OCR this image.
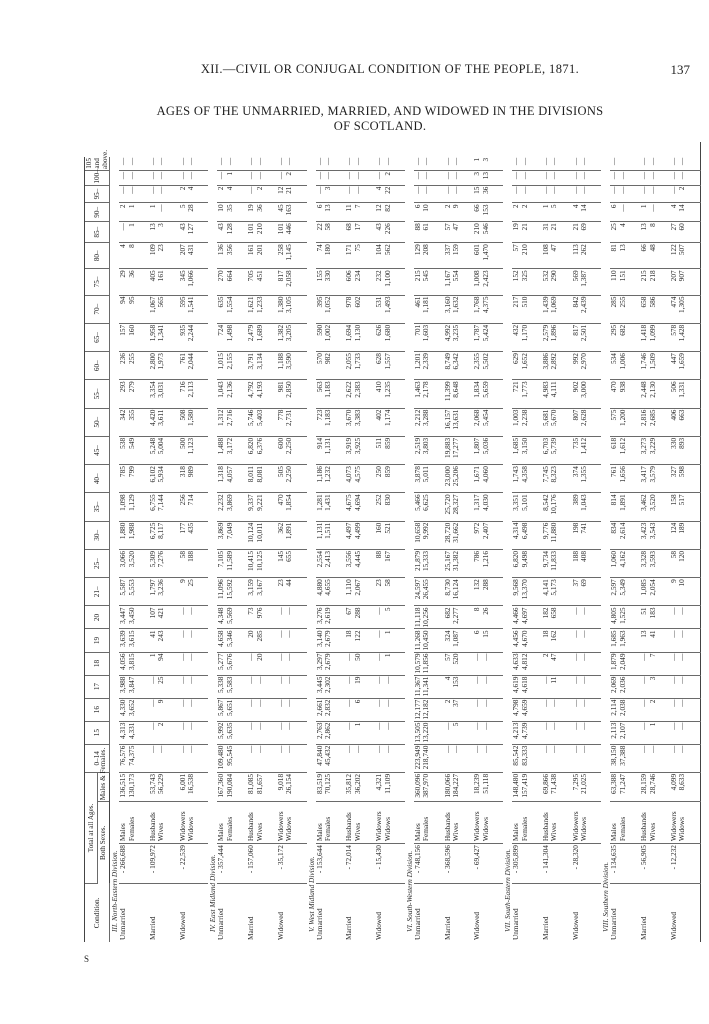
XII.—CIVIL OR CONJUGAL CONDITION OF THE PEOPLE, 1871.	137
AGES OF THE UNMARRIED, MARRIED, AND WIDOWED IN THE DIVISIONS
OF SCOTLAND.
Condition.	Total at all Ages.			0–14	15	16	17	18	19	20	21–	25–	30–	35–	40–	45–	50–	55–	60–	65–	70–	75–	80–	85–	90–	95–	100–	105 and above.
	Both Sexes.		Males & Females.																									
III. North-Eastern Division.																												
Unmarried	- 266,688	Males Females	136,515 130,173	76,576 74,375	4,313 4,331	4,330 3,652	3,988 3,847	4,056 3,815	3,639 3,615	3,447 3,450	5,587 5,553	3,066 3,520	1,880 1,988	1,098 1,129	785 799	538 549	342 355	293 279	236 255	157 160	94 95	29 36	4 8	— 1	2 1	— —	— —	— —

Married	- 109,972	Husbands Wives	53,743 56,229	— —	— 2	— 9	— 25	1 94	41 243	107 421	1,797 3,236	5,309 7,276	6,725 8,117	6,755 7,144	6,102 5,934	5,248 5,004	4,420 3,611	3,354 3,031	2,800 1,973	1,958 1,341	1,067 565	405 161	109 23	13 3	1 —	— —	— —	— —

Widowed	- 22,539	Widowers Widows	6,001 16,538	— —	— —	— —	— —	— —	— —	— —	9 25	58 188	177 435	256 714	318 989	500 1,123	508 1,580	716 2,113	761 2,044	935 2,244	595 1,541	345 1,066	207 431	43 127	5 28	2 4	— —	— —

IV. East Midland Division.																												
Unmarried	- 357,444	Males Females	167,360 190,084	109,480 95,545	5,992 5,635	5,867 5,651	5,338 5,583	5,277 5,676	4,658 5,346	4,348 5,569	11,096 15,592	7,105 11,589	3,869 7,049	2,232 3,869	1,318 4,057	1,488 3,172	1,312 2,716	1,043 2,136	1,015 2,155	724 1,498	635 1,554	270 664	136 356	43 128	10 35	2 4	— 1	— —

Married	- 157,060	Husbands Wives	81,085 81,657	— —	— —	— —	— —	— 20	20 285	73 976	3,159 3,167	10,415 10,125	10,124 10,011	9,337 9,221	8,011 8,081	6,820 6,376	5,746 5,403	4,792 4,193	3,791 3,134	2,479 1,689	1,621 1,233	705 451	161 201	101 210	19 36	— 2	— —	— —

Widowed	- 35,172	Widowers Widows	9,018 26,154	— —	— —	— —	— —	— —	— —	— —	23 44	145 655	362 1,891	470 1,854	505 2,250	600 2,250	778 2,731	981 2,850	1,188 3,590	1,382 3,205	1,380 3,105	817 2,058	258 1,145	101 446	45 163	12 21	— 2	— —

V. West Midland Division.																												
Unmarried	- 153,644	Males Females	83,519 70,125	47,840 45,432	2,763 2,862	2,661 2,832	3,445 2,302	3,297 2,679	3,140 2,679	3,276 2,619	4,880 4,655	2,554 2,413	1,131 1,511	1,281 1,431	1,186 1,232	914 1,131	723 1,183	563 1,183	570 982	590 1,002	395 1,052	155 330	74 180	22 58	6 13	— 3	— —	— —

Married	- 72,014	Husbands Wives	35,812 36,202	— —	— 1	— 6	— 19	— 50	18 122	67 288	1,110 2,067	3,556 4,445	4,497 4,499	4,675 4,694	4,073 4,575	3,919 3,925	3,670 3,383	2,622 2,383	2,055 1,733	1,694 1,130	978 602	606 234	171 75	68 17	11 7	— —	— —	— —

Widowed	- 15,430	Widowers Widows	4,321 11,109	— —	— —	— —	— —	— 1	— 1	— 5	23 58	88 167	160 521	252 830	250 859	511 859	402 1,174	410 1,235	628 1,557	626 1,680	531 1,493	232 1,100	104 562	43 226	12 82	4 22	— 2	— —

VI. South-Western Division.																												
Unmarried	- 748,156	Males Females	360,096 387,970	223,949 218,740	13,505 13,220	12,177 12,182	11,367 11,341	10,579 11,856	11,268 10,450	11,118 10,256	24,597 26,455	21,879 15,333	10,658 9,992	5,466 6,625	3,878 5,011	2,519 3,803	2,212 3,288	1,463 2,178	1,201 2,339	701 1,603	461 1,181	215 545	129 208	88 61	6 10	— —	— —	— —

Married	- 368,596	Husbands Wives	180,066 184,227	— —	— 5	2 37	4 153	57 520	324 1,087	682 2,277	8,730 16,124	25,167 31,382	28,720 31,662	25,720 28,327	23,000 25,206	19,883 17,277	16,157 13,631	11,399 8,648	8,749 6,342	4,992 3,235	3,160 1,632	1,167 554	337 159	57 47	2 9	— —	— —	— —

Widowed	- 69,427	Widowers Widows	18,239 51,118	— —	— —	— —	— —	— —	6 15	8 26	132 288	786 1,216	972 2,407	1,317 4,030	1,671 4,060	1,807 5,036	2,068 5,454	1,834 5,659	2,355 5,502	1,787 5,424	1,768 4,375	1,008 2,423	601 1,470	210 546	66 153	15 36	3 13	1 3

VII. South-Eastern Division.																												
Unmarried	- 305,899	Males Females	148,480 157,419	85,542 83,333	4,213 4,739	4,798 4,659	4,619 4,618	4,633 4,812	4,456 4,670	4,466 4,697	9,568 13,370	6,820 9,498	4,314 6,498	3,351 5,101	1,743 4,358	1,685 3,150	1,003 2,238	721 1,773	629 1,652	432 1,170	217 510	152 325	57 210	19 21	2 2	— —	— —	— —

Married	- 141,304	Husbands Wives	69,866 71,438	— —	— —	— —	— 11	2 47	18 162	182 658	4,141 5,173	9,734 11,833	9,776 11,880	8,542 10,176	7,745 8,323	6,703 5,739	5,681 5,670	4,983 4,111	3,886 2,892	2,579 1,896	1,439 1,069	532 290	108 47	31 21	1 5	— —	— —	— —

Widowed	- 28,320	Widowers Widows	7,295 21,025	— —	— —	— —	— —	— —	— —	— —	37 69	188 408	198 741	389 1,043	374 1,355	735 1,412	807 2,628	902 3,000	992 2,970	817 2,501	842 2,439	569 1,387	113 262	21 69	4 14	— —	— —	— —

VIII. Southern Division.																												
Unmarried	- 134,635	Males Females	63,388 71,247	38,150 37,388	2,113 2,107	2,114 2,038	2,069 2,036	1,879 2,049	1,685 1,963	4,805 1,525	2,597 5,349	1,060 4,162	834 2,614	814 1,891	761 1,656	618 1,612	575 1,200	470 938	534 1,006	295 682	285 255	110 151	81 13	25 4	6 —	— —	— —	—

Married	- 56,905	Husbands Wives	28,159 28,746	— —	— 1	— 2	— 3	— 7	13 41	51 183	1,085 2,054	3,328 3,593	3,423 3,543	3,462 3,520	3,417 3,579	3,273 3,229	2,816 2,685	2,448 2,130	1,746 1,509	1,418 1,099	658 586	215 218	66 48	13 8	1 —	— —	— —	— —

Widowed	- 12,232	Widowers Widows	4,099 8,633	— —	— —	— —	— —	— —	— —	— —	9 10	58 120	124 189	158 517	327 598	330 893	406 663	506 1,331	447 1,659	578 1,428	474 1,305	207 907	122 507	27 60	4 14	— 2	— —	— —
S
